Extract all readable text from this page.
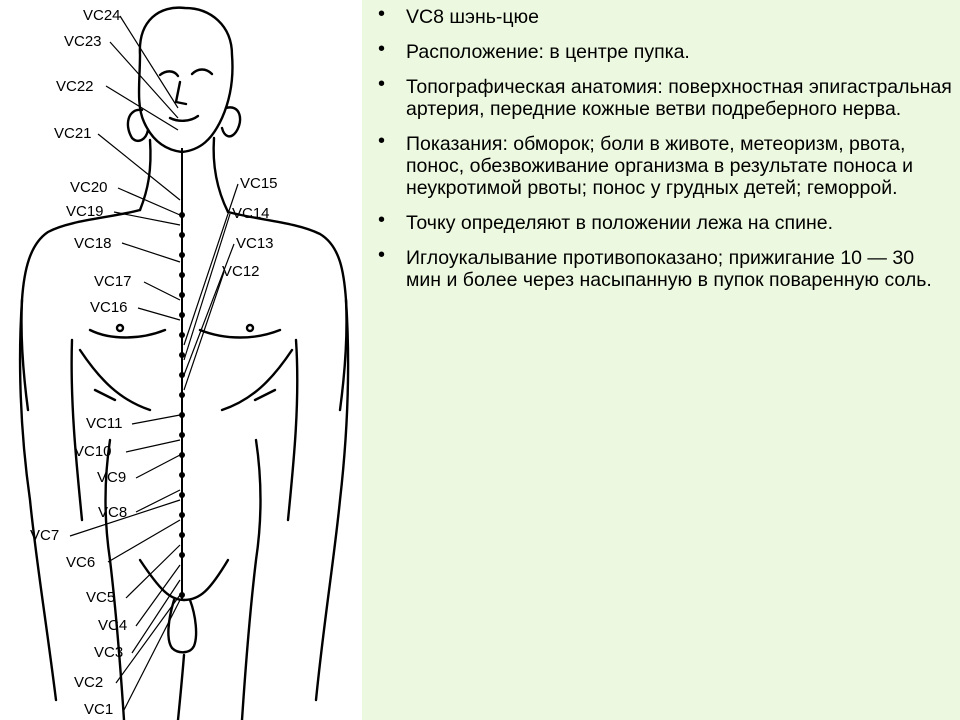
VC24
VC23
VC22
VC21
VC20
VC19
VC18
VC17
VC16
VC11
VC10
VC9
VC8
VC7
VC6
VC5
VC4
VC3
VC2
VC1
VC15
VC14
VC13
VC12
• VC8 шэнь-цюе
• Расположение: в центре пупка.
• Топографическая анатомия: поверхностная эпигастральная артерия, передние кожные ветви подреберного нерва.
• Показания: обморок; боли в животе, метеоризм, рвота, понос, обезвоживание организма в результате поноса и неукротимой рвоты; понос у грудных детей; геморрой.
• Точку определяют в положении лежа на спине.
• Иглоукалывание противопоказано; прижигание 10 — 30 мин и более через насыпанную в пупок поваренную соль.
